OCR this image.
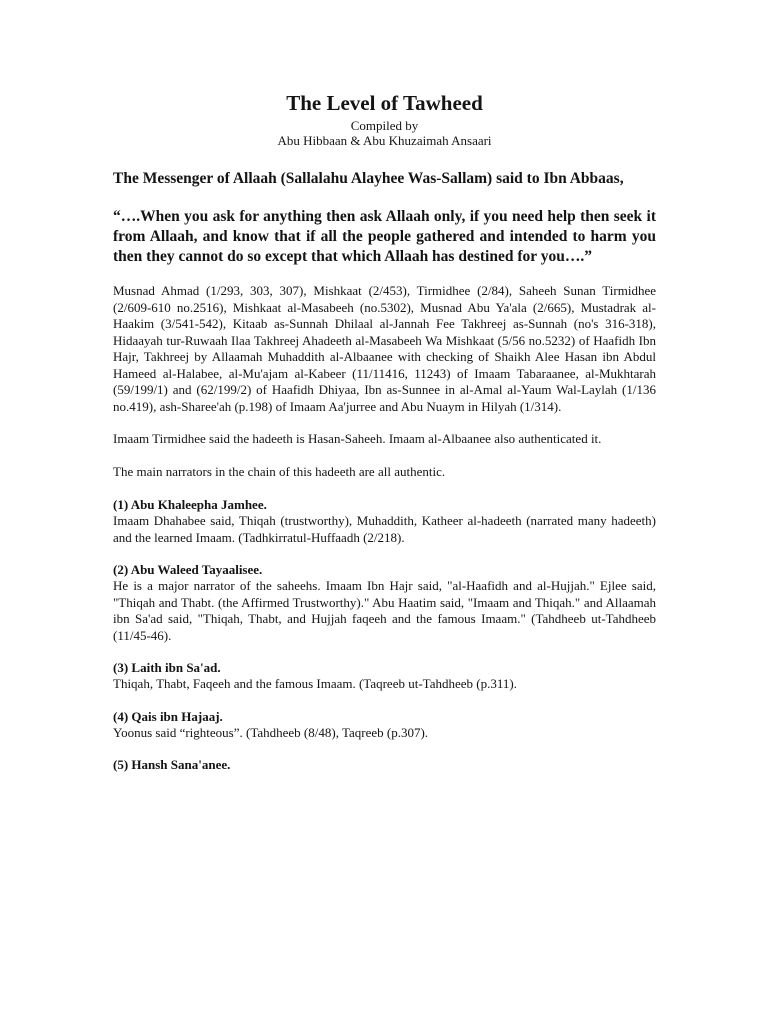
The Level of Tawheed

Compiled by

Abu Hibbaan & Abu Khuzaimah Ansaari

The Messenger of Allaah (Sallalahu Alayhee Was-Sallam) said to Ibn Abbaas,

“….When you ask for anything then ask Allaah only, if you need help then seek it from Allaah, and know that if all the people gathered and intended to harm you then they cannot do so except that which Allaah has destined for you….”

Musnad Ahmad (1/293, 303, 307), Mishkaat (2/453), Tirmidhee (2/84), Saheeh Sunan Tirmidhee (2/609-610 no.2516), Mishkaat al-Masabeeh (no.5302), Musnad Abu Ya'ala (2/665), Mustadrak al-Haakim (3/541-542), Kitaab as-Sunnah Dhilaal al-Jannah Fee Takhreej as-Sunnah (no's 316-318), Hidaayah tur-Ruwaah Ilaa Takhreej Ahadeeth al-Masabeeh Wa Mishkaat (5/56 no.5232) of Haafidh Ibn Hajr, Takhreej by Allaamah Muhaddith al-Albaanee with checking of Shaikh Alee Hasan ibn Abdul Hameed al-Halabee, al-Mu'ajam al-Kabeer (11/11416, 11243) of Imaam Tabaraanee, al-Mukhtarah (59/199/1) and (62/199/2) of Haafidh Dhiyaa, Ibn as-Sunnee in al-Amal al-Yaum Wal-Laylah (1/136 no.419), ash-Sharee'ah (p.198) of Imaam Aa'jurree and Abu Nuaym in Hilyah (1/314).

Imaam Tirmidhee said the hadeeth is Hasan-Saheeh. Imaam al-Albaanee also authenticated it.

The main narrators in the chain of this hadeeth are all authentic.

(1) Abu Khaleepha Jamhee.

Imaam Dhahabee said, Thiqah (trustworthy), Muhaddith, Katheer al-hadeeth (narrated many hadeeth) and the learned Imaam. (Tadhkirratul-Huffaadh (2/218).

(2) Abu Waleed Tayaalisee.

He is a major narrator of the saheehs. Imaam Ibn Hajr said, "al-Haafidh and al-Hujjah." Ejlee said, "Thiqah and Thabt. (the Affirmed Trustworthy)." Abu Haatim said, "Imaam and Thiqah." and Allaamah ibn Sa'ad said, "Thiqah, Thabt, and Hujjah faqeeh and the famous Imaam." (Tahdheeb ut-Tahdheeb (11/45-46).

(3) Laith ibn Sa'ad.

Thiqah, Thabt, Faqeeh and the famous Imaam. (Taqreeb ut-Tahdheeb (p.311).

(4) Qais ibn Hajaaj.

Yoonus said “righteous”. (Tahdheeb (8/48), Taqreeb (p.307).

(5) Hansh Sana'anee.
